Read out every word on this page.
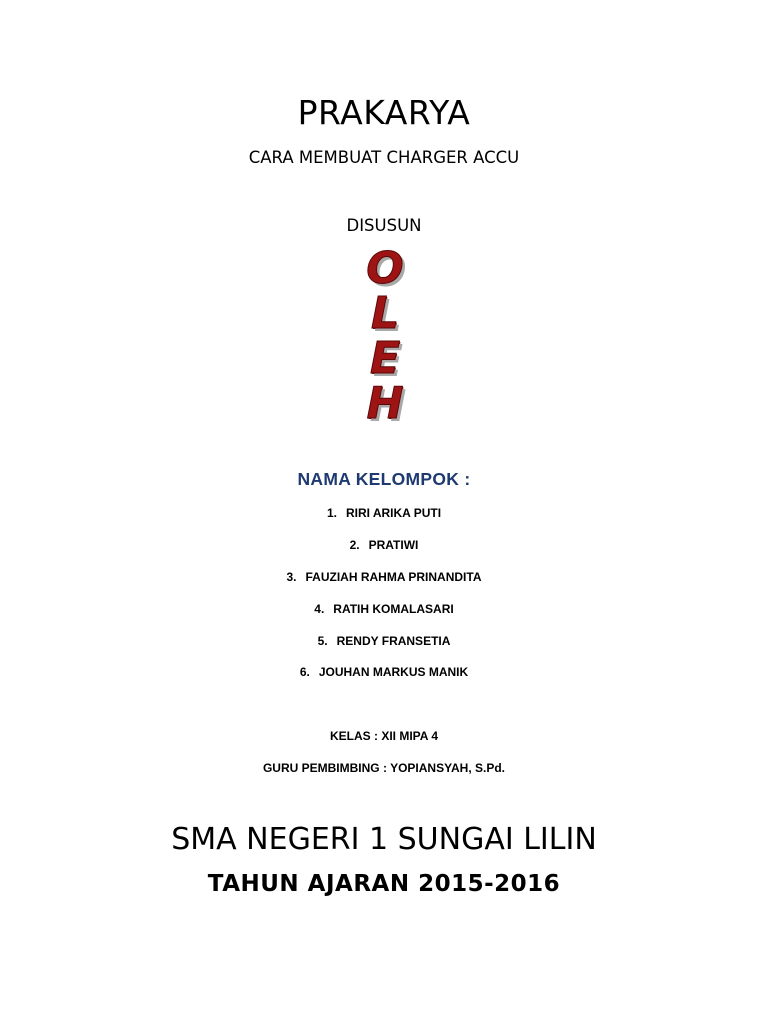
PRAKARYA
CARA MEMBUAT CHARGER ACCU
DISUSUN
O
L
E
H
NAMA KELOMPOK :
1. RIRI ARIKA PUTI
2. PRATIWI
3. FAUZIAH RAHMA PRINANDITA
4. RATIH KOMALASARI
5. RENDY FRANSETIA
6. JOUHAN MARKUS MANIK
KELAS : XII MIPA 4
GURU PEMBIMBING : YOPIANSYAH, S.Pd.
SMA NEGERI 1 SUNGAI LILIN
TAHUN AJARAN 2015-2016
